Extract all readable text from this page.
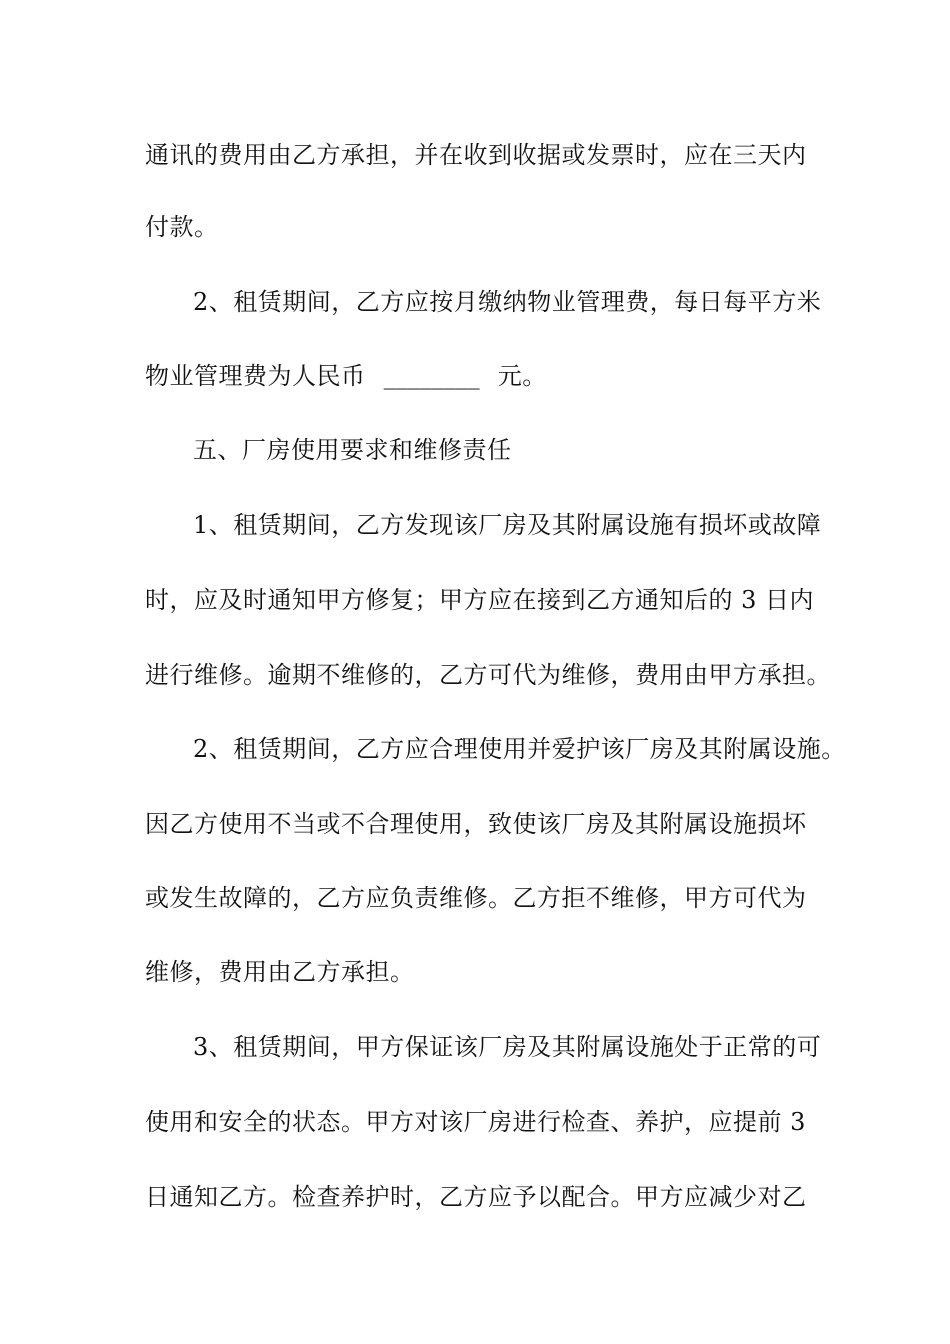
通讯的费用由乙方承担，并在收到收据或发票时，应在三天内
付款。
2、租赁期间，乙方应按月缴纳物业管理费，每日每平方米
物业管理费为人民币 ________ 元。
五、厂房使用要求和维修责任
1、租赁期间，乙方发现该厂房及其附属设施有损坏或故障
时，应及时通知甲方修复；甲方应在接到乙方通知后的 3 日内
进行维修。逾期不维修的，乙方可代为维修，费用由甲方承担。
2、租赁期间，乙方应合理使用并爱护该厂房及其附属设施。
因乙方使用不当或不合理使用，致使该厂房及其附属设施损坏
或发生故障的，乙方应负责维修。乙方拒不维修，甲方可代为
维修，费用由乙方承担。
3、租赁期间，甲方保证该厂房及其附属设施处于正常的可
使用和安全的状态。甲方对该厂房进行检查、养护，应提前 3
日通知乙方。检查养护时，乙方应予以配合。甲方应减少对乙
